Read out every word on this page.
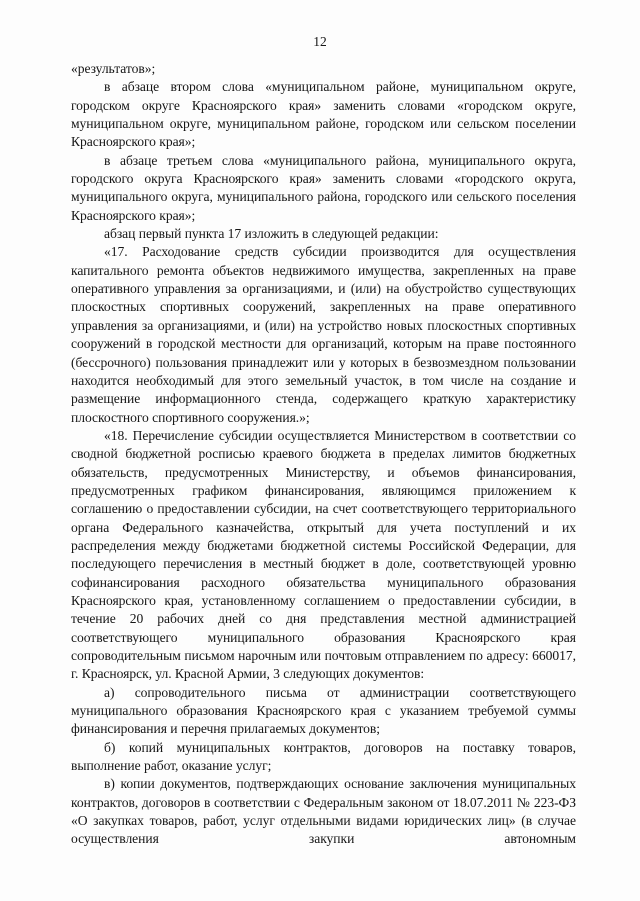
12

«результатов»;

в абзаце втором слова «муниципальном районе, муниципальном округе, городском округе Красноярского края» заменить словами «городском округе, муниципальном округе, муниципальном районе, городском или сельском поселении Красноярского края»;

в абзаце третьем слова «муниципального района, муниципального округа, городского округа Красноярского края» заменить словами «городского округа, муниципального округа, муниципального района, городского или сельского поселения Красноярского края»;

абзац первый пункта 17 изложить в следующей редакции:

«17. Расходование средств субсидии производится для осуществления капитального ремонта объектов недвижимого имущества, закрепленных на праве оперативного управления за организациями, и (или) на обустройство существующих плоскостных спортивных сооружений, закрепленных на праве оперативного управления за организациями, и (или) на устройство новых плоскостных спортивных сооружений в городской местности для организаций, которым на праве постоянного (бессрочного) пользования принадлежит или у которых в безвозмездном пользовании находится необходимый для этого земельный участок, в том числе на создание и размещение информационного стенда, содержащего краткую характеристику плоскостного спортивного сооружения.»;

«18. Перечисление субсидии осуществляется Министерством в соответствии со сводной бюджетной росписью краевого бюджета в пределах лимитов бюджетных обязательств, предусмотренных Министерству, и объемов финансирования, предусмотренных графиком финансирования, являющимся приложением к соглашению о предоставлении субсидии, на счет соответствующего территориального органа Федерального казначейства, открытый для учета поступлений и их распределения между бюджетами бюджетной системы Российской Федерации, для последующего перечисления в местный бюджет в доле, соответствующей уровню софинансирования расходного обязательства муниципального образования Красноярского края, установленному соглашением о предоставлении субсидии, в течение 20 рабочих дней со дня представления местной администрацией соответствующего муниципального образования Красноярского края сопроводительным письмом нарочным или почтовым отправлением по адресу: 660017, г. Красноярск, ул. Красной Армии, 3 следующих документов:

а) сопроводительного письма от администрации соответствующего муниципального образования Красноярского края с указанием требуемой суммы финансирования и перечня прилагаемых документов;

б) копий муниципальных контрактов, договоров на поставку товаров, выполнение работ, оказание услуг;

в) копии документов, подтверждающих основание заключения муниципальных контрактов, договоров в соответствии с Федеральным законом от 18.07.2011 № 223-ФЗ «О закупках товаров, работ, услуг отдельными видами юридических лиц» (в случае осуществления закупки автономным
